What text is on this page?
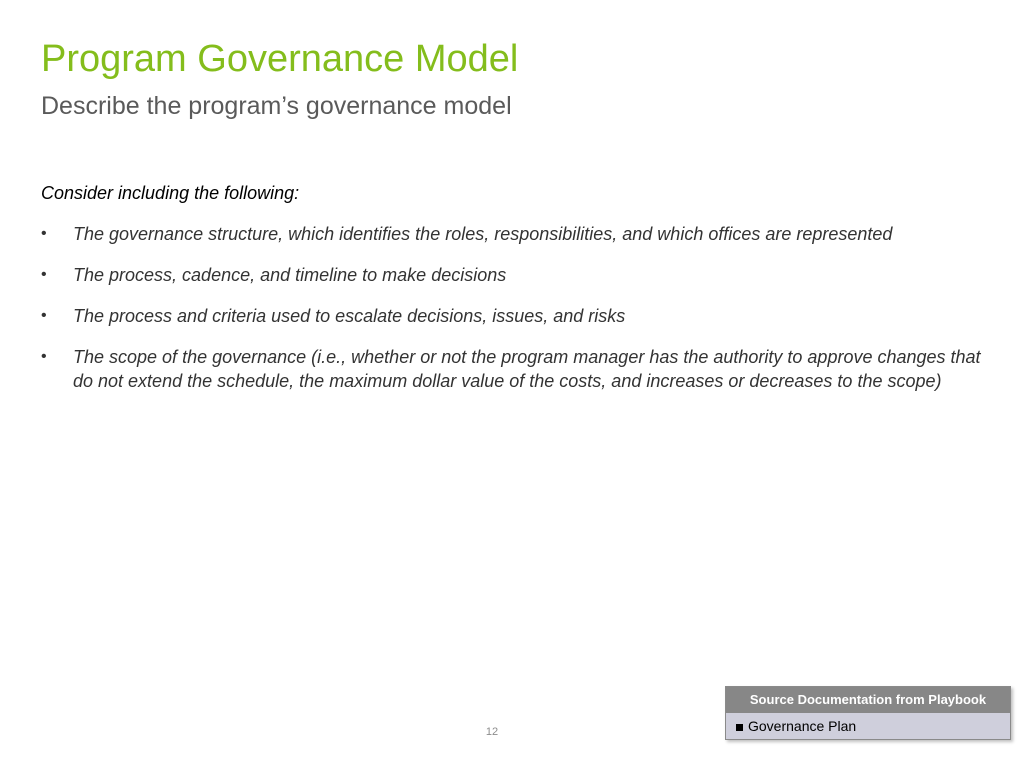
Program Governance Model
Describe the program’s governance model

Consider including the following:

• The governance structure, which identifies the roles, responsibilities, and which offices are represented
• The process, cadence, and timeline to make decisions
• The process and criteria used to escalate decisions, issues, and risks
• The scope of the governance (i.e., whether or not the program manager has the authority to approve changes that do not extend the schedule, the maximum dollar value of the costs, and increases or decreases to the scope)
12
Source Documentation from Playbook
Governance Plan
